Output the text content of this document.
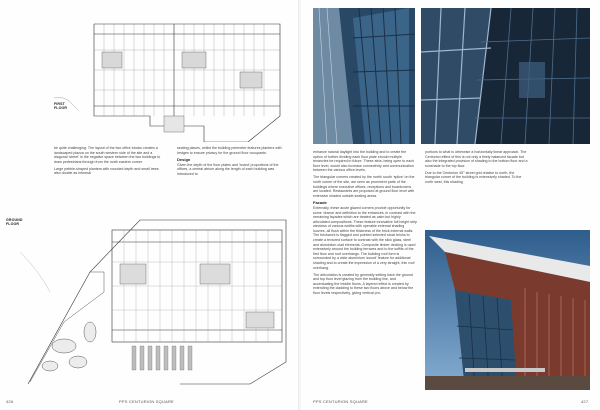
FIRST
FLOOR

be quite challenging. The layout of the two office blocks creates a landscaped piazza on the south western side of the site and a diagonal 'street' in the negative space between the two buildings to draw pedestrians through from the north eastern corner.

Large pebble-shaped planters with rounded depth and small trees also double as informal

seating places, whilst the building perimeter features planters with hedges to ensure privacy for the ground floor occupants.

Design

Given the depth of the floor plates and 'board' proportions of the offices, a central atrium along the length of each building was introduced to

GROUND
FLOOR
426	PPS CENTURION SQUARE

enhance natural daylight into the building and to create the option of further dividing each floor plate should multiple tenancies be required in future. These atria, being open to each floor level, would also increase connectivity and communication between the various office levels.

The triangular corners created by the north/ south ‘splice’ on the north corner of the site, are seen as prominent parts of the buildings where executive offices, receptions and boardrooms are located. Restaurants are proposed at ground floor level with extensive shaded outside seating areas.

Facade

Externally, these acute glazed corners provide opportunity for some 'drama' and definition to the entrances, in contrast with the remaining façades which are treated as calm but highly articulated compositions. These feature innovative full height strip windows of various widths with operable external shading louvres, all flush within the thickness of the brick external walls. The brickwork is flagged and pointed selected stock bricks to create a textured surface to contrast with the slick glass, steel and aluminium clad elements. Composite timber decking is used extensively around the building terraces and to the soffits of the first floor and roof overhangs. The building roof form is surrounded by a wide aluminium 'sword' feature for additional shading and to create the impression of a very straight, thin roof overhang.

The articulation is created by generally setting back the ground and top floor level glazing from the building line, and accentuating the middle floors. A layered effect is created by extending the cladding to these two floors above and below the floor levels respectively, giving vertical pro-

portions to what is otherwise a horizontally linear approach. The Centurion effect of this is not only a finely balanced facade but also the integrated provision of shading to the bottom floor and a sunshade to the top floor.

Due to the Centurion 45° street grid relative to north, the triangular corner of the building is extensively shaded. To the north west, this shading

PPS CENTURION SQUARE	427
